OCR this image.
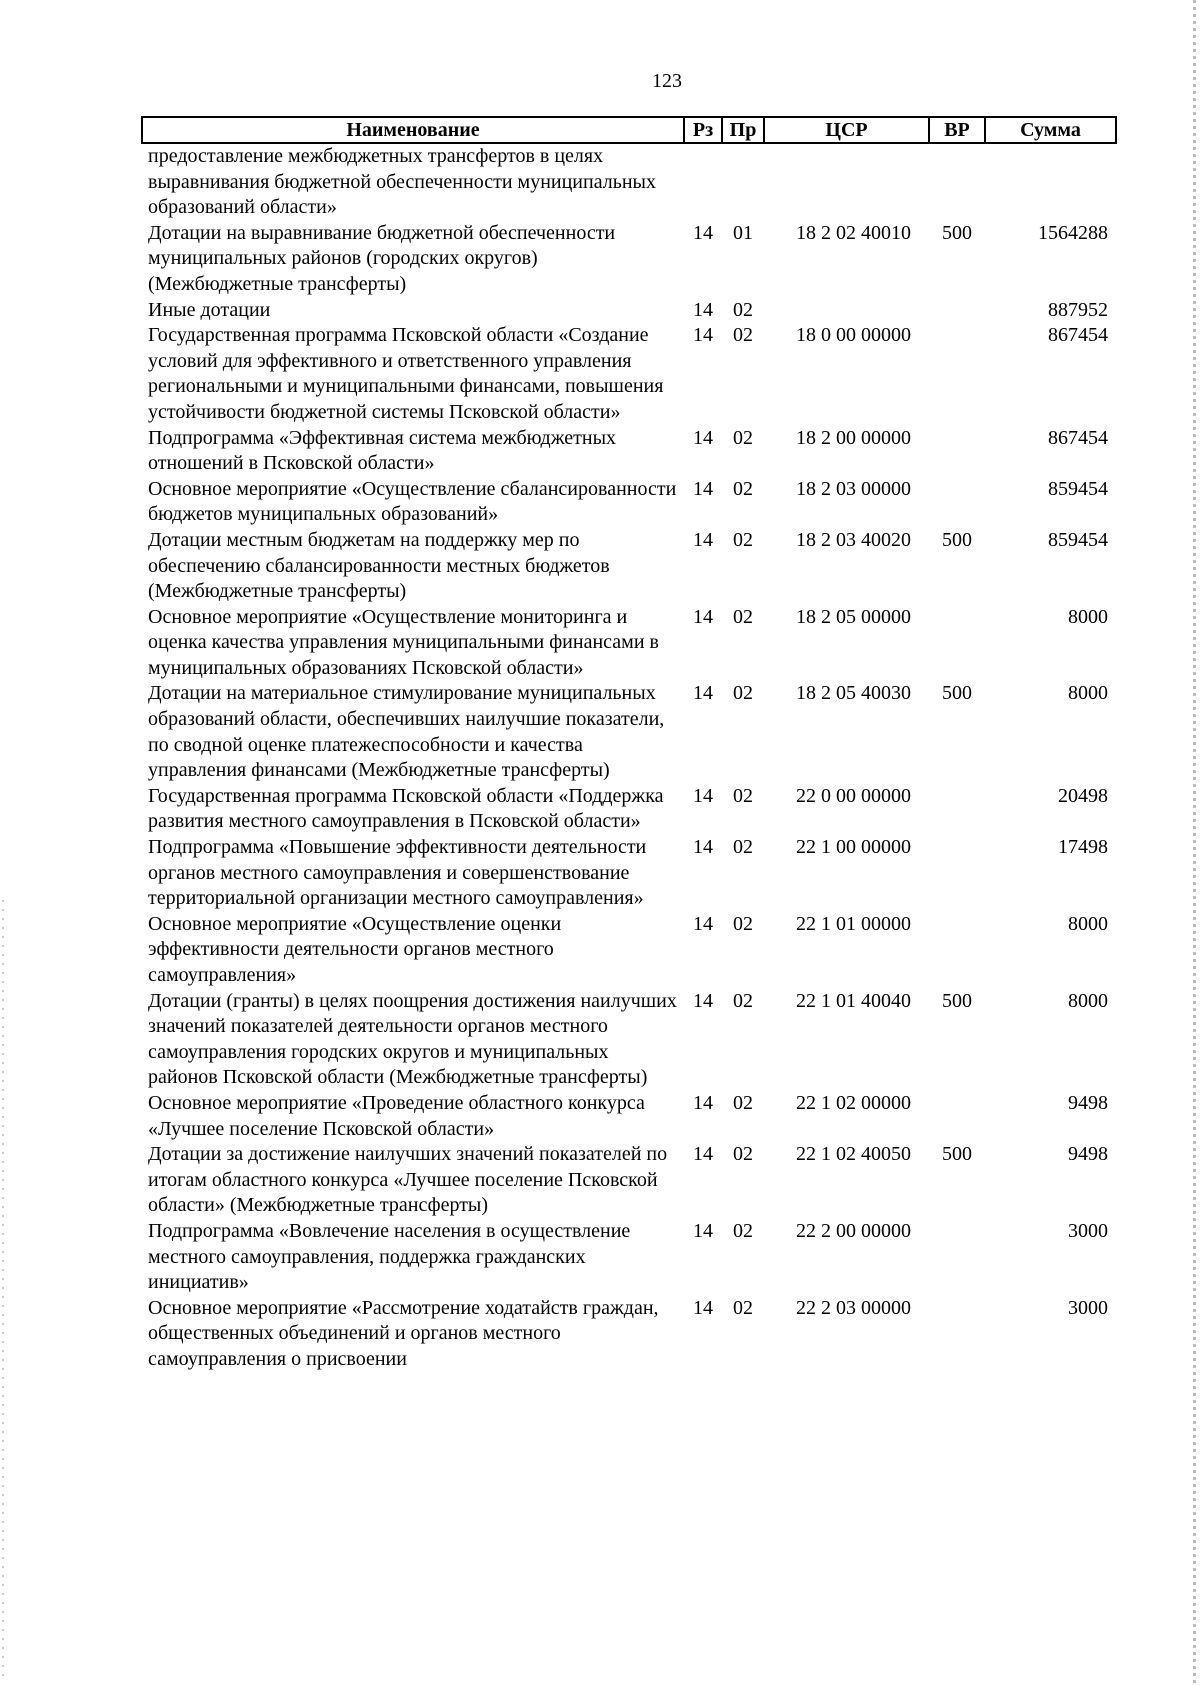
123
Наименование	Рз	Пр	ЦСР	ВР	Сумма
предоставление межбюджетных трансфертов в целях выравнивания бюджетной обеспеченности муниципальных образований области»					
Дотации на выравнивание бюджетной обеспеченности муниципальных районов (городских округов) (Межбюджетные трансферты)	14	01	18 2 02 40010	500	1564288
Иные дотации	14	02			887952
Государственная программа Псковской области «Создание условий для эффективного и ответственного управления региональными и муниципальными финансами, повышения устойчивости бюджетной системы Псковской области»	14	02	18 0 00 00000		867454
Подпрограмма «Эффективная система межбюджетных отношений в Псковской области»	14	02	18 2 00 00000		867454
Основное мероприятие «Осуществление сбалансированности бюджетов муниципальных образований»	14	02	18 2 03 00000		859454
Дотации местным бюджетам на поддержку мер по обеспечению сбалансированности местных бюджетов (Межбюджетные трансферты)	14	02	18 2 03 40020	500	859454
Основное мероприятие «Осуществление мониторинга и оценка качества управления муниципальными финансами в муниципальных образованиях Псковской области»	14	02	18 2 05 00000		8000
Дотации на материальное стимулирование муниципальных образований области, обеспечивших наилучшие показатели, по сводной оценке платежеспособности и качества управления финансами (Межбюджетные трансферты)	14	02	18 2 05 40030	500	8000
Государственная программа Псковской области «Поддержка развития местного самоуправления в Псковской области»	14	02	22 0 00 00000		20498
Подпрограмма «Повышение эффективности деятельности органов местного самоуправления и совершенствование территориальной организации местного самоуправления»	14	02	22 1 00 00000		17498
Основное мероприятие «Осуществление оценки эффективности деятельности органов местного самоуправления»	14	02	22 1 01 00000		8000
Дотации (гранты) в целях поощрения достижения наилучших значений показателей деятельности органов местного самоуправления городских округов и муниципальных районов Псковской области (Межбюджетные трансферты)	14	02	22 1 01 40040	500	8000
Основное мероприятие «Проведение областного конкурса «Лучшее поселение Псковской области»	14	02	22 1 02 00000		9498
Дотации за достижение наилучших значений показателей по итогам областного конкурса «Лучшее поселение Псковской области» (Межбюджетные трансферты)	14	02	22 1 02 40050	500	9498
Подпрограмма «Вовлечение населения в осуществление местного самоуправления, поддержка гражданских инициатив»	14	02	22 2 00 00000		3000
Основное мероприятие «Рассмотрение ходатайств граждан, общественных объединений и органов местного самоуправления о присвоении	14	02	22 2 03 00000		3000
